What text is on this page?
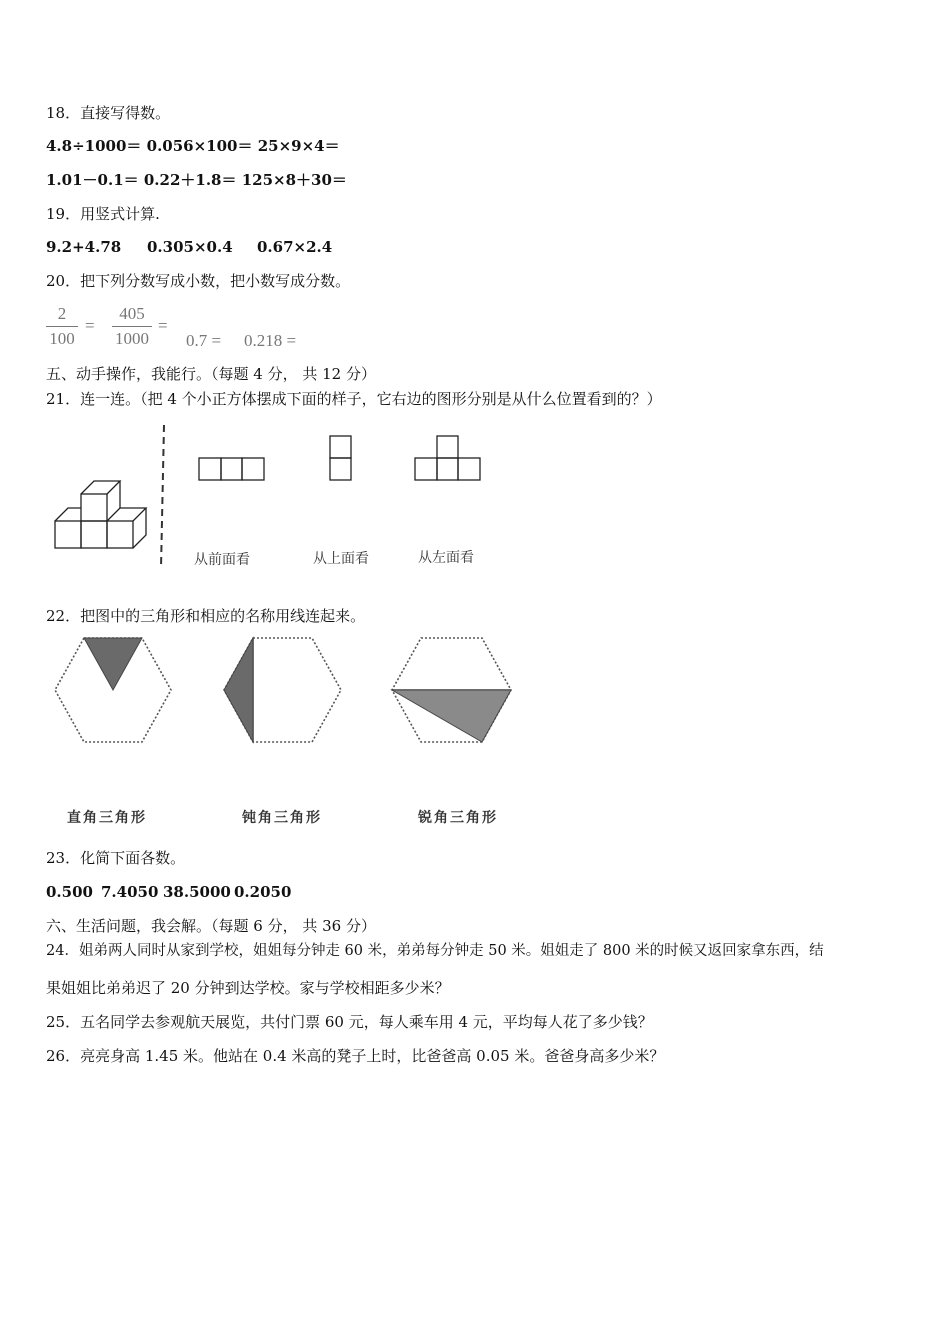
18．直接写得数。
4.8÷1000＝ 0.056×100＝ 25×9×4＝
1.01－0.1＝ 0.22＋1.8＝ 125×8＋30＝
19．用竖式计算.
9.2+4.78 0.305×0.4 0.67×2.4
20．把下列分数写成小数，把小数写成分数。
$\frac{2}{100} = \frac{405}{1000}$ =
0.7 = 0.218 =
五、动手操作，我能行。（每题 4 分， 共 12 分）
21．连一连。（把 4 个小正方体摆成下面的样子，它右边的图形分别是从什么位置看到的？）
从前面看	从上面看	从左面看
22．把图中的三角形和相应的名称用线连起来。
直角三角形	钝角三角形	锐角三角形
23．化简下面各数。
0.500 7.4050 38.5000 0.2050
六、生活问题，我会解。（每题 6 分， 共 36 分）
24．姐弟两人同时从家到学校，姐姐每分钟走 60 米，弟弟每分钟走 50 米。姐姐走了 800 米的时候又返回家拿东西，结
果姐姐比弟弟迟了 20 分钟到达学校。家与学校相距多少米？
25．五名同学去参观航天展览，共付门票 60 元，每人乘车用 4 元，平均每人花了多少钱？
26．亮亮身高 1.45 米。他站在 0.4 米高的凳子上时，比爸爸高 0.05 米。爸爸身高多少米？
